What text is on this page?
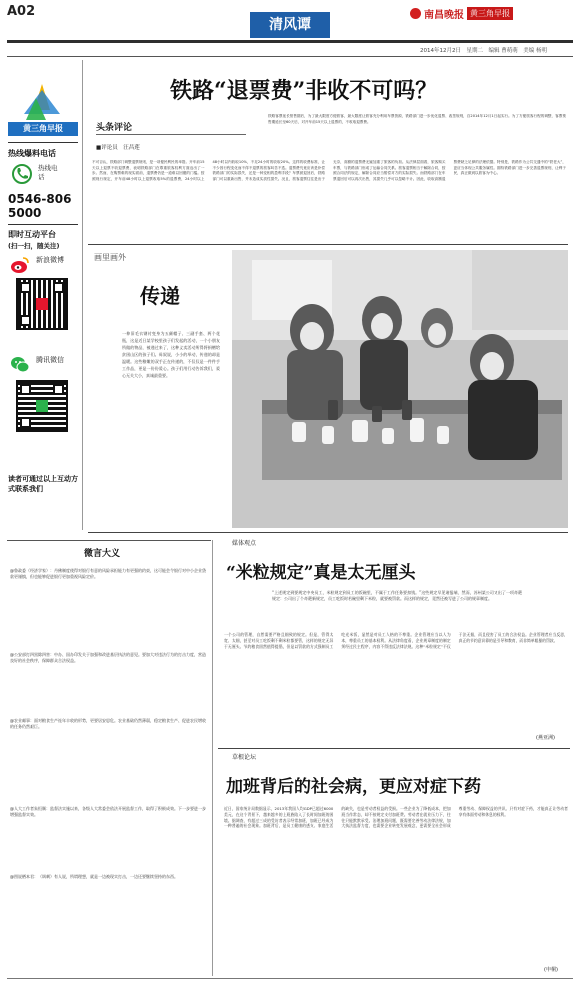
A02
清风谭
南昌晚报 黄三角早报
2014年12月2日　星期二　编辑 曹萌萌　美编 杨明
黄三角早报
热线爆料电话
热线电话
0546-8065000
即时互动平台
(扫一扫，随关注)
新浪微博
腾讯微信
读者可通过以上互动方式联系我们
铁路“退票费”非收不可吗？
头条评论
■评论员　汪昌莲
铁路客票延长预售期后，为了最大限度方便旅客，最大限度让旅客充分利用车票资源，铁路部门进一步优化退票、改签规则，自2014年12月1日起实行。为了方便旅客行程的调整，客票预售期延长至60天后，对开车前15天以上退票的，不收取退票费。
不可否认，铁路部门调整退票规则，是一项便民利民的举措。开车前15天以上退票不收退票费，表明铁路部门在尊重旅客权利方面迈出了一步。然而，在购票难的现实面前，退票费仍是一道难以回避的门槛。按照现行规定，开车前48小时以上退票收取5%的退票费，24小时以上48小时以内收取10%，不足24小时的收取20%。这样的收费标准，让不少因行程变化而不得不退票的旅客叫苦不迭。退票费究竟应该是补偿铁路部门的实际损失，还是一种变相的盈利手段？车票被退回后，铁路部门可以重新出售，并未造成实质性损失。况且，旅客退票往往是出于无奈，高额的退票费无疑加重了旅客的负担。从法律层面看，旅客购买车票，与铁路部门形成了运输合同关系。旅客退票相当于解除合同，按照合同法的规定，解除合同应当赔偿对方的实际损失。而铁路部门在车票退回后可以再次出售，其损失几乎可以忽略不计。因此，收取高额退票费缺乏足够的法理依据。特别是，铁路作为公共交通中的“铁老大”，更应当体现公共服务属性。期待铁路部门进一步完善退票规则，让利于民，真正做到以旅客为中心。
画里画外
传递
一伸旧毛衣钢衬变身为五颜帽子、三副手套、两个花瓶，这是近日某学校里孩子们发起的活动，一个小朋友所做的物品，被递过来了，这种义卖活动所得将捐赠给贫困山区的孩子们。毋叙说，小小的举动，传递的却是温暖。这些稚嫩的双手正在传递的，不仅仅是一件件手工作品，更是一份份爱心。孩子们用行动告诉我们，爱心无关大小，真诚最重要。
微言大义
@鲁政委（经济学家）：丹佛制度使得对银行有意的风险承担能力有更强的约束，这可能会令银行对中小企业贷款更谨慎，但也能够促进银行更加重视风险定价。
@公安部打四黑除四害：中办、国办印发关于加强和改进基层执法的意见。要加大对违法行为的打击力度，营造良好的社会秩序，保障群众合法权益。
@农业邮事：面对粮食生产连年丰收的形势，更要居安思危。农业基础仍然薄弱，稳定粮食生产、促进农民增收的任务仍然艰巨。
@人大工作者朱恒顺：监督法实施以来，各级人大常委会依法开展监督工作，取得了积极成效。下一步要进一步增强监督实效。
@图说栖本君：（讽刺）有人说，所谓理想，就是一边被现实打击，一边还要继续坚持的东西。
媒体观点
“米粒规定”真是太无厘头
“上述规定到要规定中央员工，米粒规定到员工的饭碗里，不属于工作任务要扣钱。”这些规定早见诸报端，然而，苏州某公司又出了一项奇葩规定：公司出了个奇葩新规定，员工吃饭时若碗里剩下米粒，就要被罚款。而这样的规定，竟然还被写进了公司的规章制度。
一个公司的管理，自然需要严格且细致的规定。但是，管得太宽、太细，甚至对员工吃饭剩不剩米粒都要管，这样的规定无异于无厘头。节约粮食固然值得提倡，但是以罚款的方式强制员工吃光米饭，显然是对员工人格的不尊重。企业管理应当以人为本，尊重员工的基本权利。从法律角度看，企业规章制度的制定须经过民主程序，内容不得违反法律法规。这种“米粒规定”不仅于法无据，而且侵害了员工的合法权益。企业管理者应当反思，真正的节约意识靠的是引导和教育，而非简单粗暴的罚款。
(燕亚洲)
草根论坛
加班背后的社会病，更应对症下药
近日，国家统计局数据显示，2013年我国人均GDP已超过6000美元，在这个背景下，越来越多的上班族陷入了长时间加班的困境。据调查，有超过三成的受访者表示经常加班，加班已经成为一种普遍的社会现象。加班背后，是员工健康的透支、家庭生活的缺失，也是劳动者权益的受损。一些企业为了降低成本，把加班当作常态，却不按规定支付加班费。劳动者在就业压力下，往往只能默默承受。治理加班问题，既需要完善劳动法律法规，加大执法监督力度，也需要企业转变发展观念，更需要全社会形成尊重劳动、保障权益的共识。只有对症下药，才能真正让劳动者享有体面劳动和休息的权利。
(申桐)
